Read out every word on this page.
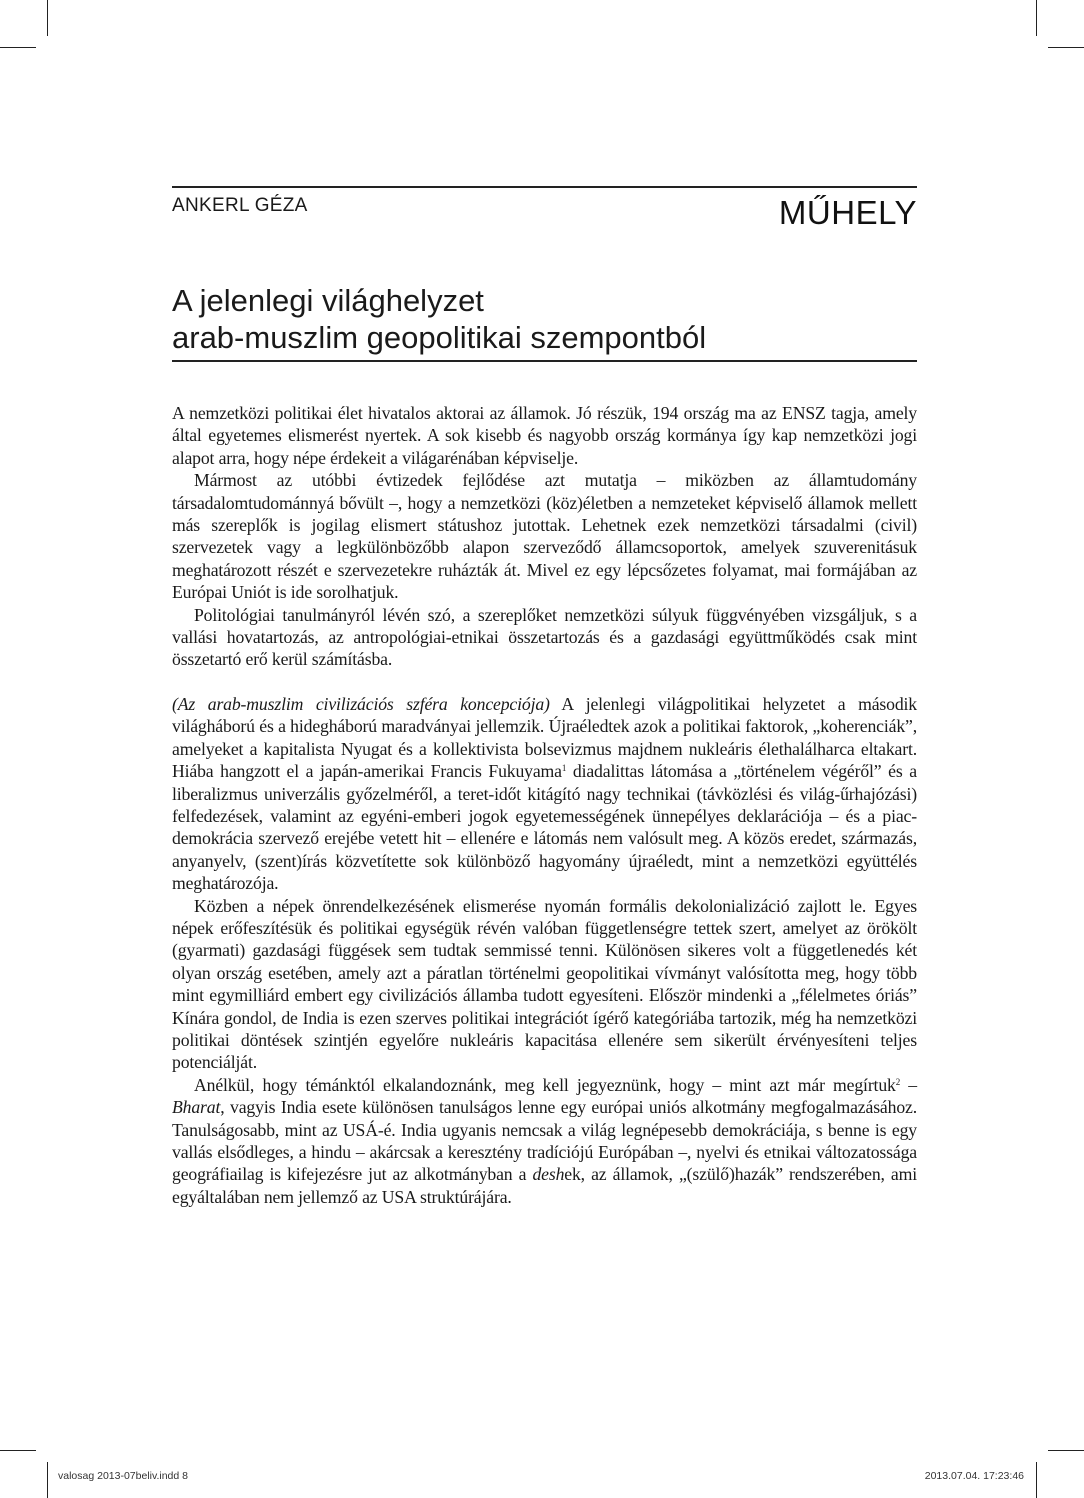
ANKERL GÉZA	MŰHELY
A jelenlegi világhelyzet
arab-muszlim geopolitikai szempontból

A nemzetközi politikai élet hivatalos aktorai az államok. Jó részük, 194 ország ma az ENSZ tagja, amely által egyetemes elismerést nyertek. A sok kisebb és nagyobb ország kormánya így kap nemzetközi jogi alapot arra, hogy népe érdekeit a világarénában képviselje.

Mármost az utóbbi évtizedek fejlődése azt mutatja – miközben az államtudomány társadalomtudománnyá bővült –, hogy a nemzetközi (köz)életben a nemzeteket képviselő államok mellett más szereplők is jogilag elismert státushoz jutottak. Lehetnek ezek nemzetközi társadalmi (civil) szervezetek vagy a legkülönbözőbb alapon szerveződő államcsoportok, amelyek szuverenitásuk meghatározott részét e szervezetekre ruházták át. Mivel ez egy lépcsőzetes folyamat, mai formájában az Európai Uniót is ide sorolhatjuk.

Politológiai tanulmányról lévén szó, a szereplőket nemzetközi súlyuk függvényében vizsgáljuk, s a vallási hovatartozás, az antropológiai-etnikai összetartozás és a gazdasági együttműködés csak mint összetartó erő kerül számításba.

(Az arab-muszlim civilizációs szféra koncepciója) A jelenlegi világpolitikai helyzetet a második világháború és a hidegháború maradványai jellemzik. Újraéledtek azok a politikai faktorok, „koherenciák”, amelyeket a kapitalista Nyugat és a kollektivista bolsevizmus majdnem nukleáris élethalálharca eltakart. Hiába hangzott el a japán-amerikai Francis Fukuyama$^1$ diadalittas látomása a „történelem végéről” és a liberalizmus univerzális győzelméről, a teret-időt kitágító nagy technikai (távközlési és világ-űrhajózási) felfedezések, valamint az egyéni-emberi jogok egyetemességének ünnepélyes deklarációja – és a piac-demokrácia szervező erejébe vetett hit – ellenére e látomás nem valósult meg. A közös eredet, származás, anyanyelv, (szent)írás közvetítette sok különböző hagyomány újraéledt, mint a nemzetközi együttélés meghatározója.

Közben a népek önrendelkezésének elismerése nyomán formális dekolonializáció zajlott le. Egyes népek erőfeszítésük és politikai egységük révén valóban függetlenségre tettek szert, amelyet az örökölt (gyarmati) gazdasági függések sem tudtak semmissé tenni. Különösen sikeres volt a függetlenedés két olyan ország esetében, amely azt a páratlan történelmi geopolitikai vívmányt valósította meg, hogy több mint egymilliárd embert egy civilizációs államba tudott egyesíteni. Először mindenki a „félelmetes óriás” Kínára gondol, de India is ezen szerves politikai integrációt ígérő kategóriába tartozik, még ha nemzetközi politikai döntések szintjén egyelőre nukleáris kapacitása ellenére sem sikerült érvényesíteni teljes potenciálját.

Anélkül, hogy témánktól elkalandoznánk, meg kell jegyeznünk, hogy – mint azt már megírtuk$^2$ – Bharat, vagyis India esete különösen tanulságos lenne egy európai uniós alkotmány megfogalmazásához. Tanulságosabb, mint az USÁ-é. India ugyanis nemcsak a világ legnépesebb demokráciája, s benne is egy vallás elsődleges, a hindu – akárcsak a keresztény tradíciójú Európában –, nyelvi és etnikai változatossága geográfiailag is kifejezésre jut az alkotmányban a deshek, az államok, „(szülő)hazák” rendszerében, ami egyáltalában nem jellemző az USA struktúrájára.

valosag 2013-07beliv.indd 8	2013.07.04. 17:23:46
